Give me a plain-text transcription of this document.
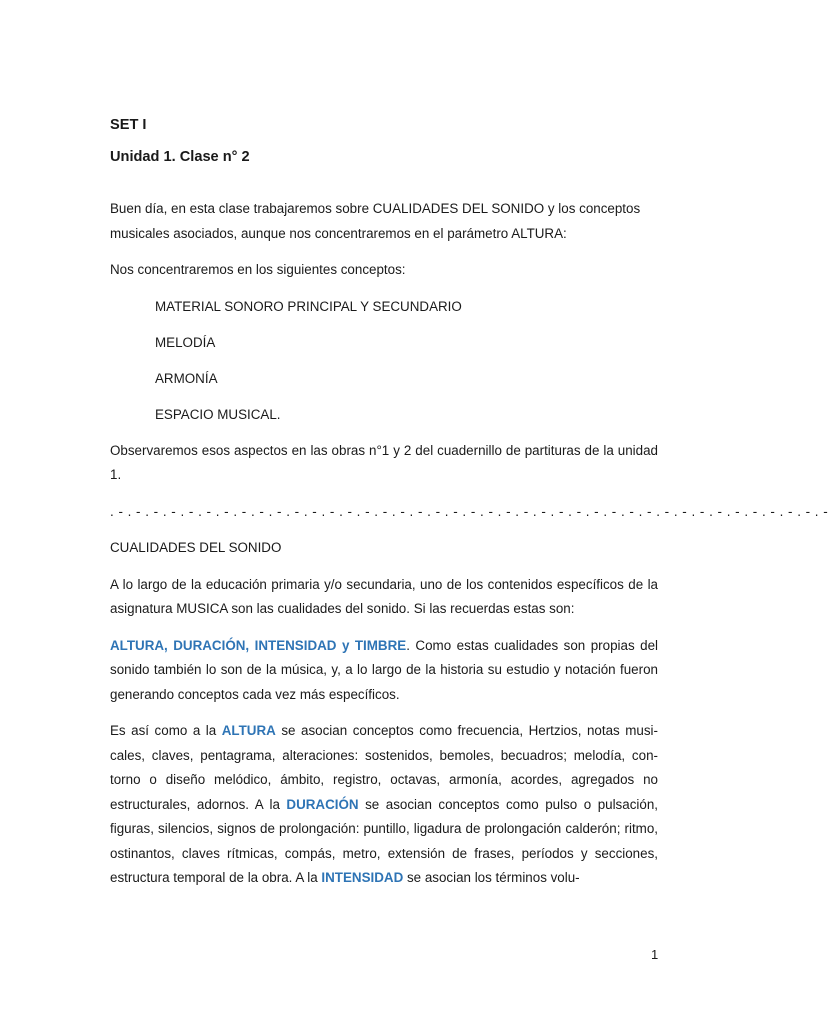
SET I

Unidad 1. Clase n° 2

Buen día, en esta clase trabajaremos sobre CUALIDADES DEL SONIDO y los conceptos musicales asociados, aunque nos concentraremos en el parámetro ALTURA:

Nos concentraremos en los siguientes conceptos:

MATERIAL SONORO PRINCIPAL Y SECUNDARIO
MELODÍA
ARMONÍA
ESPACIO MUSICAL.

Observaremos esos aspectos en las obras n°1 y 2 del cuadernillo de partituras de la unidad 1.

. - . - . - . - . - . - . - . - . - . - . - . - . - . - . - . - . - . - . - . - . - . - . - . - . - . - . - . - . - . - . - . - . - . - . - . - . - . - . - . - . -

CUALIDADES DEL SONIDO

A lo largo de la educación primaria y/o secundaria, uno de los contenidos específicos de la asignatura MUSICA son las cualidades del sonido. Si las recuerdas estas son:

ALTURA, DURACIÓN, INTENSIDAD y TIMBRE. Como estas cualidades son propias del sonido también lo son de la música, y, a lo largo de la historia su estudio y notación fueron generando conceptos cada vez más específicos.

Es así como a la ALTURA se asocian conceptos como frecuencia, Hertzios, notas musicales, claves, pentagrama, alteraciones: sostenidos, bemoles, becuadros; melodía, contorno o diseño melódico, ámbito, registro, octavas, armonía, acordes, agregados no estructurales, adornos. A la DURACIÓN se asocian conceptos como pulso o pulsación, figuras, silencios, signos de prolongación: puntillo, ligadura de prolongación calderón; ritmo, ostinantos, claves rítmicas, compás, metro, extensión de frases, períodos y secciones, estructura temporal de la obra. A la INTENSIDAD se asocian los términos volu-

1
